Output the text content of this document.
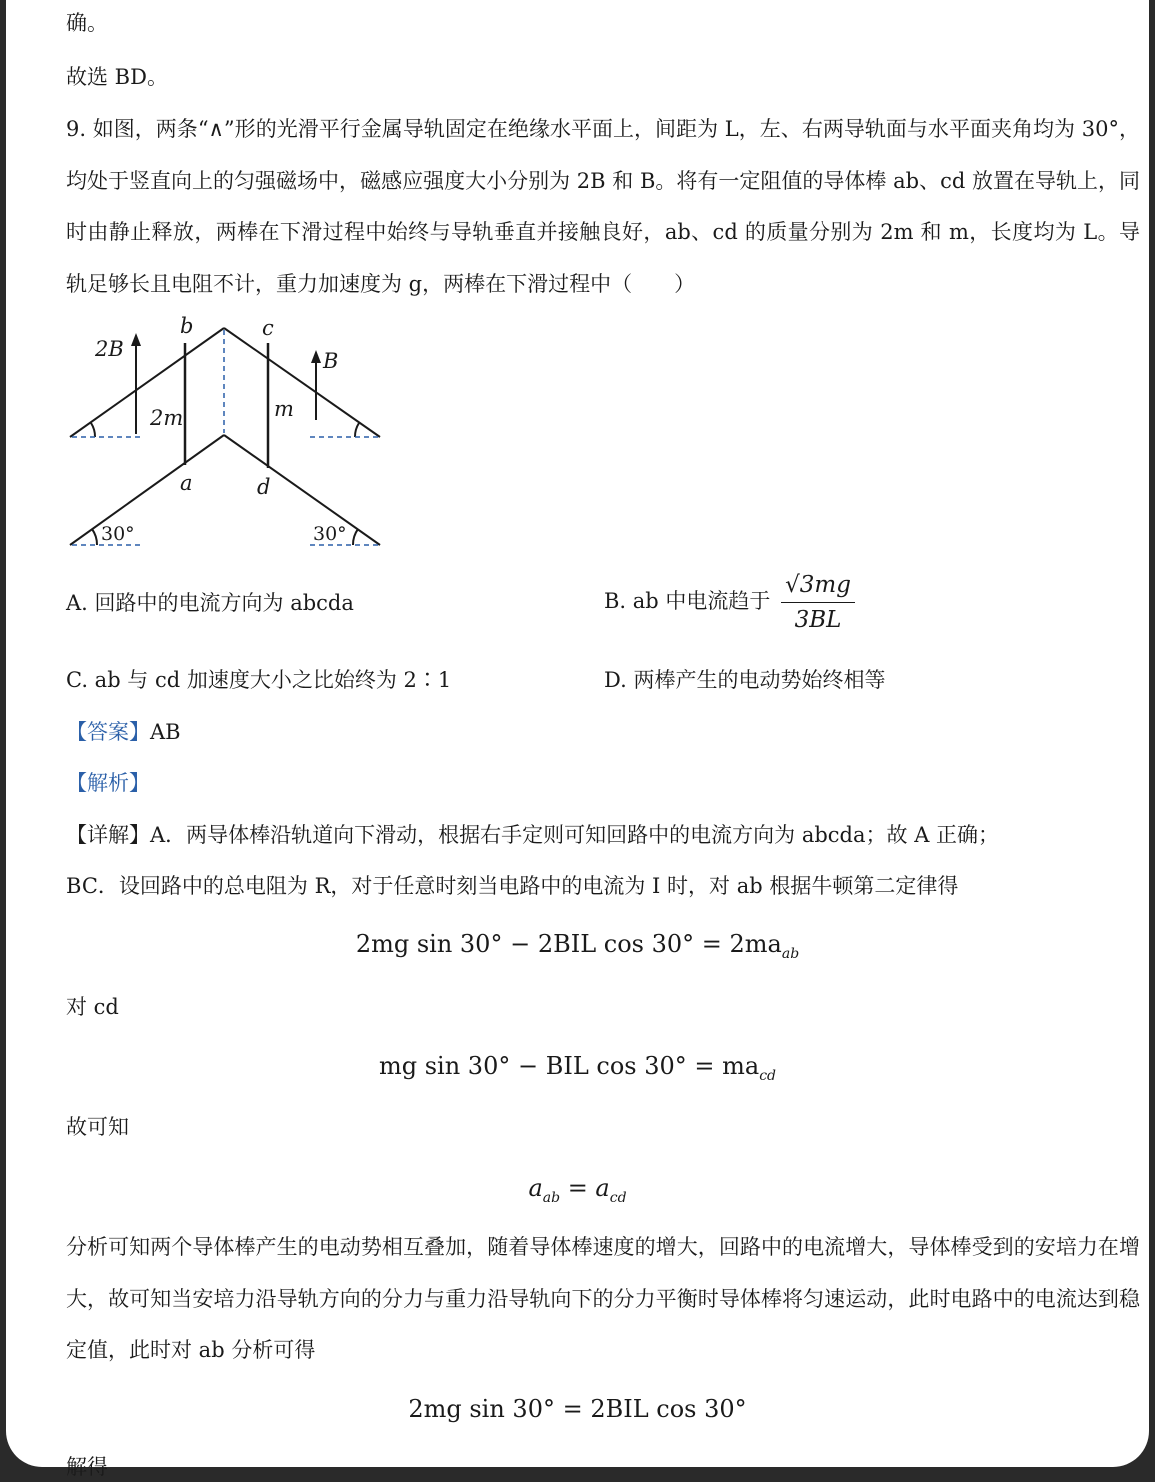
确。
故选 BD。
9. 如图，两条“∧”形的光滑平行金属导轨固定在绝缘水平面上，间距为 L，左、右两导轨面与水平面夹角均为 30°，均处于竖直向上的匀强磁场中，磁感应强度大小分别为 2B 和 B。将有一定阻值的导体棒 ab、cd 放置在导轨上，同时由静止释放，两棒在下滑过程中始终与导轨垂直并接触良好，ab、cd 的质量分别为 2m 和 m，长度均为 L。导轨足够长且电阻不计，重力加速度为 g，两棒在下滑过程中（　　）
2B	B
b	c
a	d
2m	m
30°	30°
A. 回路中的电流方向为 abcda	B. ab 中电流趋于 $\frac{√3mg}{3BL}$
C. ab 与 cd 加速度大小之比始终为 2∶1	D. 两棒产生的电动势始终相等
【答案】AB
【解析】
【详解】A．两导体棒沿轨道向下滑动，根据右手定则可知回路中的电流方向为 abcda；故 A 正确；
BC．设回路中的总电阻为 R，对于任意时刻当电路中的电流为 I 时，对 ab 根据牛顿第二定律得
2mg sin 30° − 2BIL $\cos 30^\circ = 2ma_{ab}$
对 cd
mg sin 30° − BIL $\cos 30^\circ = ma_{cd}$
故可知
$a_{ab} = a_{cd}$
分析可知两个导体棒产生的电动势相互叠加，随着导体棒速度的增大，回路中的电流增大，导体棒受到的安培力在增大，故可知当安培力沿导轨方向的分力与重力沿导轨向下的分力平衡时导体棒将匀速运动，此时电路中的电流达到稳定值，此时对 ab 分析可得
2mg sin 30° = 2BIL cos 30°
解得
